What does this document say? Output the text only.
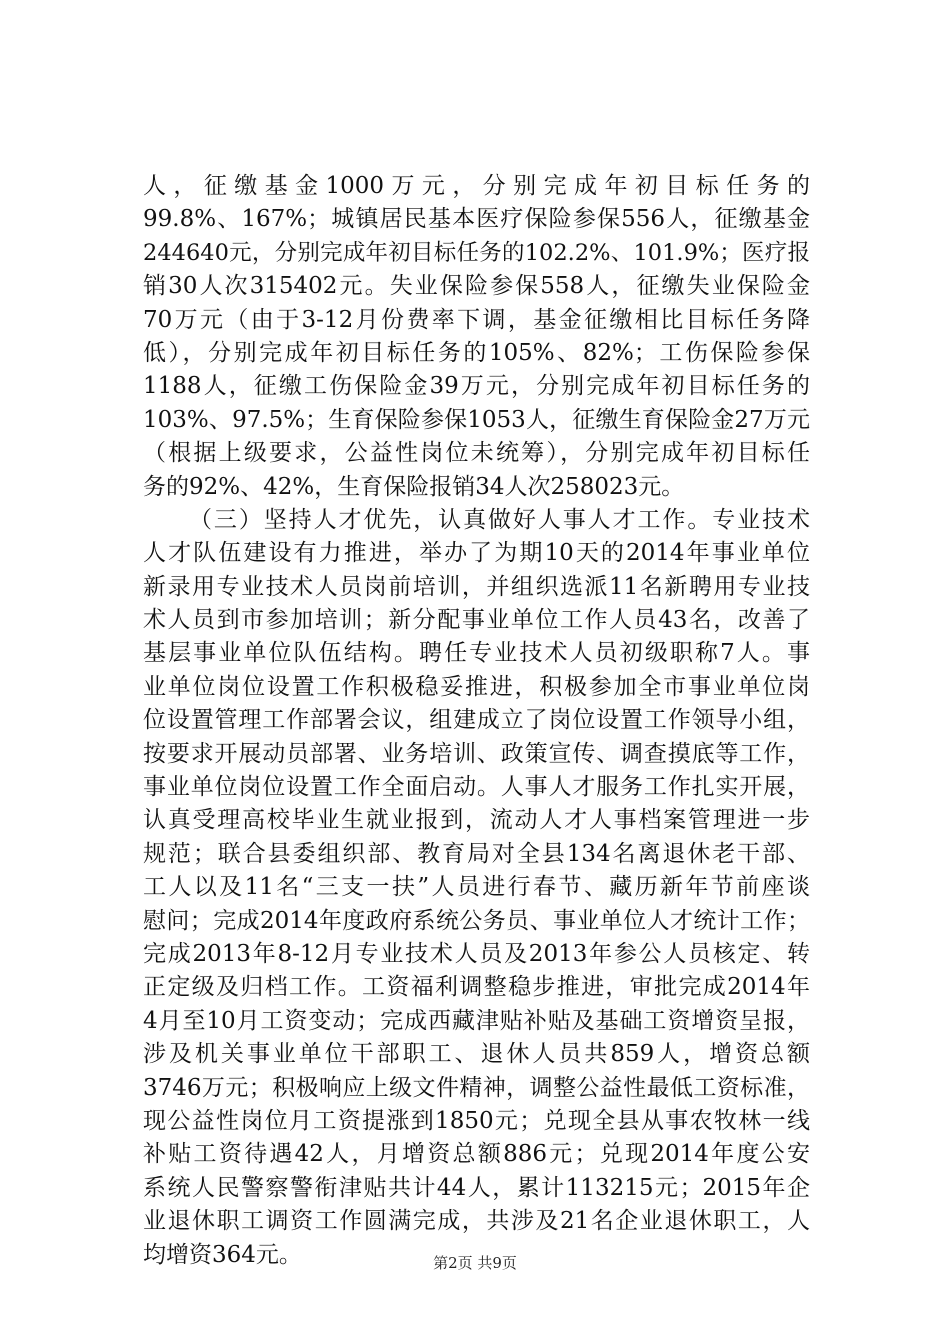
人，征缴基金1000万元，分别完成年初目标任务的
99.8%、167%；城镇居民基本医疗保险参保556人，征缴基金
244640元，分别完成年初目标任务的102.2%、101.9%；医疗报
销30人次315402元。失业保险参保558人，征缴失业保险金
70万元（由于3-12月份费率下调，基金征缴相比目标任务降
低），分别完成年初目标任务的105%、82%；工伤保险参保
1188人，征缴工伤保险金39万元，分别完成年初目标任务的
103%、97.5%；生育保险参保1053人，征缴生育保险金27万元
（根据上级要求，公益性岗位未统筹），分别完成年初目标任
务的92%、42%，生育保险报销34人次258023元。
（三）坚持人才优先，认真做好人事人才工作。专业技术
人才队伍建设有力推进，举办了为期10天的2014年事业单位
新录用专业技术人员岗前培训，并组织选派11名新聘用专业技
术人员到市参加培训；新分配事业单位工作人员43名，改善了
基层事业单位队伍结构。聘任专业技术人员初级职称7人。事
业单位岗位设置工作积极稳妥推进，积极参加全市事业单位岗
位设置管理工作部署会议，组建成立了岗位设置工作领导小组，
按要求开展动员部署、业务培训、政策宣传、调查摸底等工作，
事业单位岗位设置工作全面启动。人事人才服务工作扎实开展，
认真受理高校毕业生就业报到，流动人才人事档案管理进一步
规范；联合县委组织部、教育局对全县134名离退休老干部、
工人以及11名“三支一扶”人员进行春节、藏历新年节前座谈
慰问；完成2014年度政府系统公务员、事业单位人才统计工作；
完成2013年8-12月专业技术人员及2013年参公人员核定、转
正定级及归档工作。工资福利调整稳步推进，审批完成2014年
4月至10月工资变动；完成西藏津贴补贴及基础工资增资呈报，
涉及机关事业单位干部职工、退休人员共859人，增资总额
3746万元；积极响应上级文件精神，调整公益性最低工资标准，
现公益性岗位月工资提涨到1850元；兑现全县从事农牧林一线
补贴工资待遇42人，月增资总额886元；兑现2014年度公安
系统人民警察警衔津贴共计44人，累计113215元；2015年企
业退休职工调资工作圆满完成，共涉及21名企业退休职工，人
均增资364元。	第2页 共9页
